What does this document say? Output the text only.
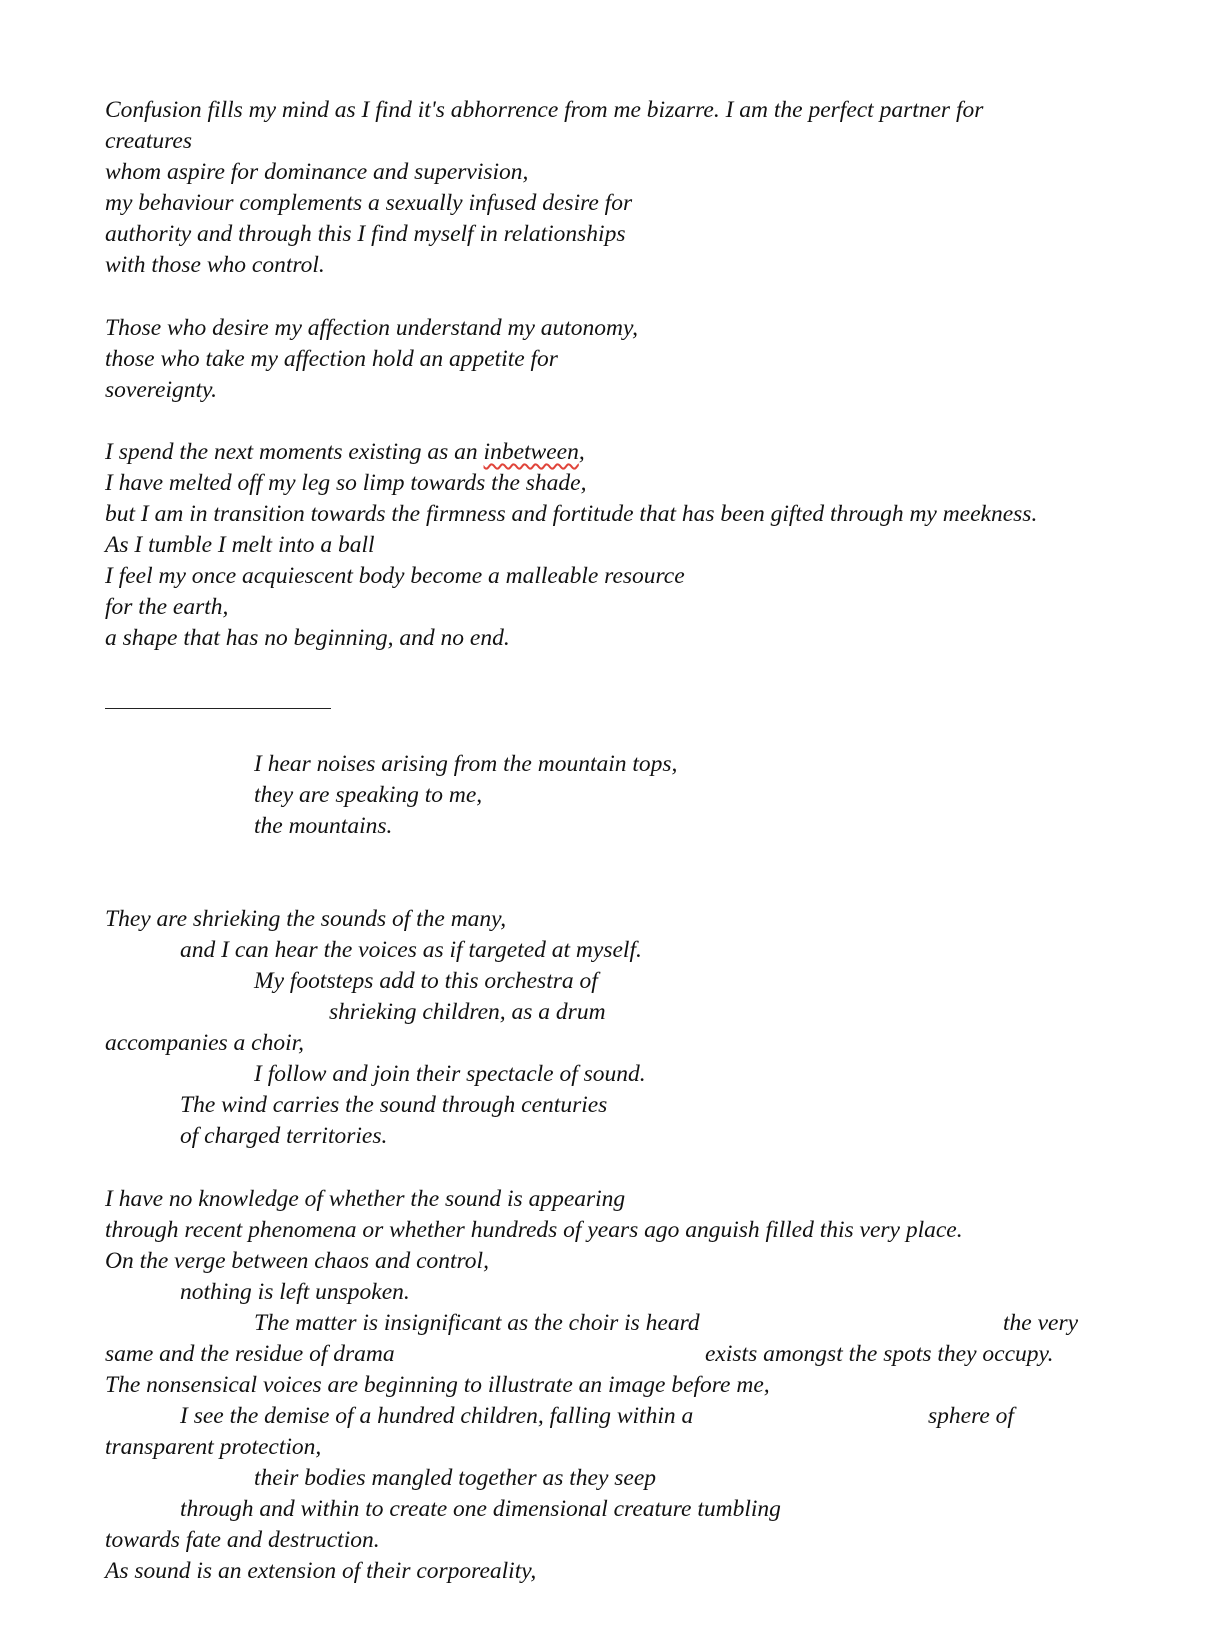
Confusion fills my mind as I find it's abhorrence from me bizarre. I am the perfect partner for
creatures
whom aspire for dominance and supervision,
my behaviour complements a sexually infused desire for
authority and through this I find myself in relationships
with those who control.
Those who desire my affection understand my autonomy,
those who take my affection hold an appetite for
sovereignty.
I spend the next moments existing as an inbetween,
I have melted off my leg so limp towards the shade,
but I am in transition towards the firmness and fortitude that has been gifted through my meekness.
As I tumble I melt into a ball
I feel my once acquiescent body become a malleable resource
for the earth,
a shape that has no beginning, and no end.
I hear noises arising from the mountain tops,
they are speaking to me,
the mountains.
They are shrieking the sounds of the many,
and I can hear the voices as if targeted at myself.
My footsteps add to this orchestra of
shrieking children, as a drum
accompanies a choir,
I follow and join their spectacle of sound.
The wind carries the sound through centuries
of charged territories.
I have no knowledge of whether the sound is appearing
through recent phenomena or whether hundreds of years ago anguish filled this very place.
On the verge between chaos and control,
nothing is left unspoken.
The matter is insignificant as the choir is heard	the very
same and the residue of drama	exists amongst the spots they occupy.
The nonsensical voices are beginning to illustrate an image before me,
I see the demise of a hundred children, falling within a	sphere of
transparent protection,
their bodies mangled together as they seep
through and within to create one dimensional creature tumbling
towards fate and destruction.
As sound is an extension of their corporeality,
